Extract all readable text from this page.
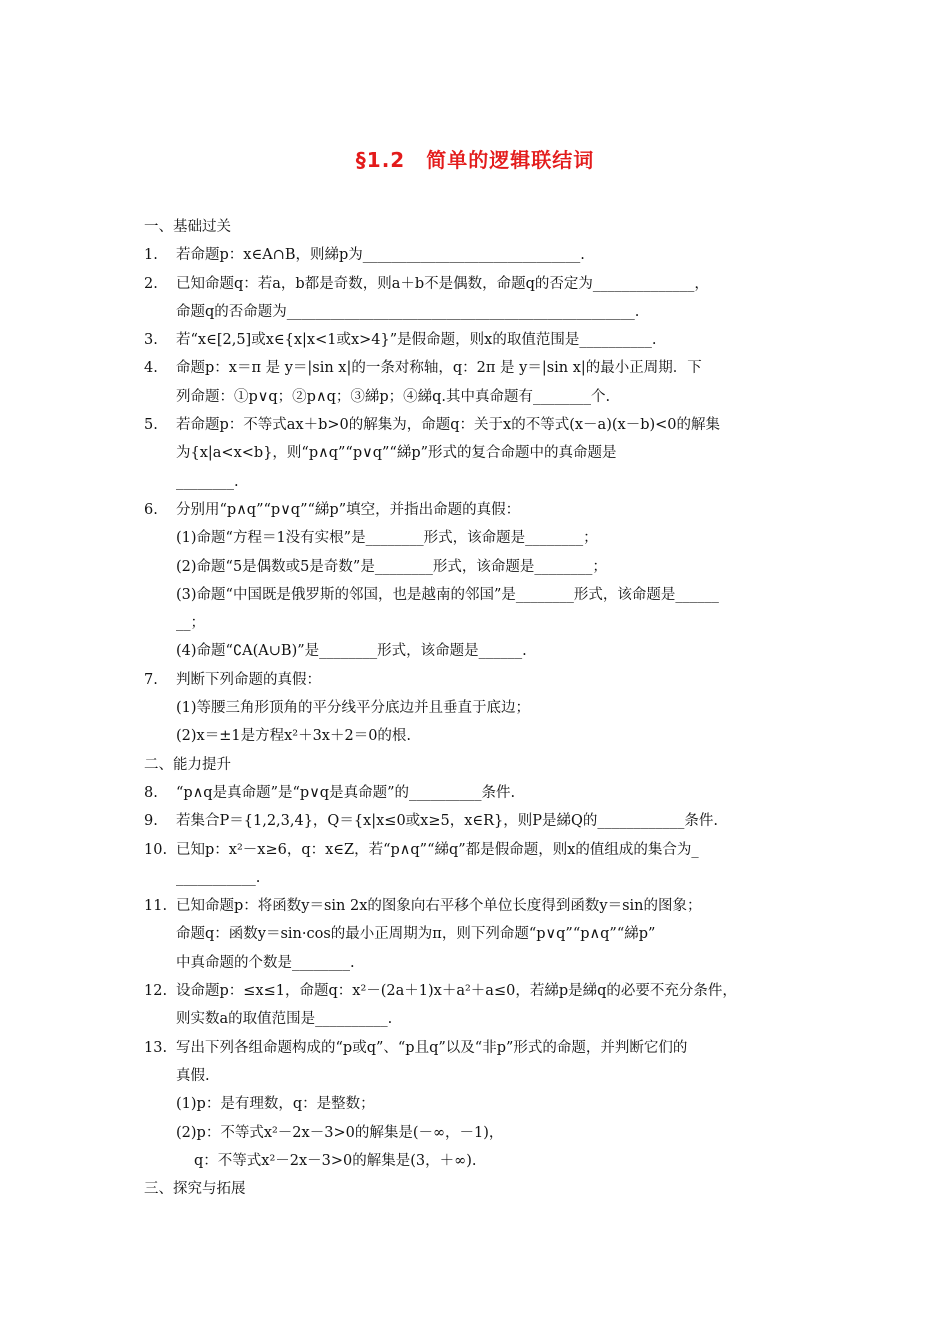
§1.2　简单的逻辑联结词
一、基础过关
1. 若命题p：x∈A∩B，则綈p为______________________________.
2. 已知命题q：若a，b都是奇数，则a＋b不是偶数，命题q的否定为______________，
命题q的否命题为________________________________________________.
3. 若“x∈[2,5]或x∈{x|x<1或x>4}”是假命题，则x的取值范围是__________.
4. 命题p：x＝π 是 y＝|sin x|的一条对称轴，q：2π 是 y＝|sin x|的最小正周期．下
列命题：①p∨q；②p∧q；③綈p；④綈q.其中真命题有________个.
5. 若命题p：不等式ax＋b>0的解集为，命题q：关于x的不等式(x－a)(x－b)<0的解集
为{x|a<x<b}，则“p∧q”“p∨q”“綈p”形式的复合命题中的真命题是
________.
6. 分别用“p∧q”“p∨q”“綈p”填空，并指出命题的真假：
(1)命题“方程＝1没有实根”是________形式，该命题是________；
(2)命题“5是偶数或5是奇数”是________形式，该命题是________；
(3)命题“中国既是俄罗斯的邻国，也是越南的邻国”是________形式，该命题是______
__；
(4)命题“∁A(A∪B)”是________形式，该命题是______.
7. 判断下列命题的真假：
(1)等腰三角形顶角的平分线平分底边并且垂直于底边；
(2)x＝±1是方程x²＋3x＋2＝0的根.
二、能力提升
8. “p∧q是真命题”是“p∨q是真命题”的__________条件.
9. 若集合P＝{1,2,3,4}，Q＝{x|x≤0或x≥5，x∈R}，则P是綈Q的____________条件.
10. 已知p：x²－x≥6，q：x∈Z，若“p∧q”“綈q”都是假命题，则x的值组成的集合为_
___________.
11. 已知命题p：将函数y＝sin 2x的图象向右平移个单位长度得到函数y＝sin的图象；
命题q：函数y＝sin·cos的最小正周期为π，则下列命题“p∨q”“p∧q”“綈p”
中真命题的个数是________.
12. 设命题p：≤x≤1，命题q：x²－(2a＋1)x＋a²＋a≤0，若綈p是綈q的必要不充分条件，
则实数a的取值范围是__________.
13. 写出下列各组命题构成的“p或q”、“p且q”以及“非p”形式的命题，并判断它们的
真假.
(1)p：是有理数，q：是整数；
(2)p：不等式x²－2x－3>0的解集是(－∞，－1)，
q：不等式x²－2x－3>0的解集是(3，＋∞).
三、探究与拓展
